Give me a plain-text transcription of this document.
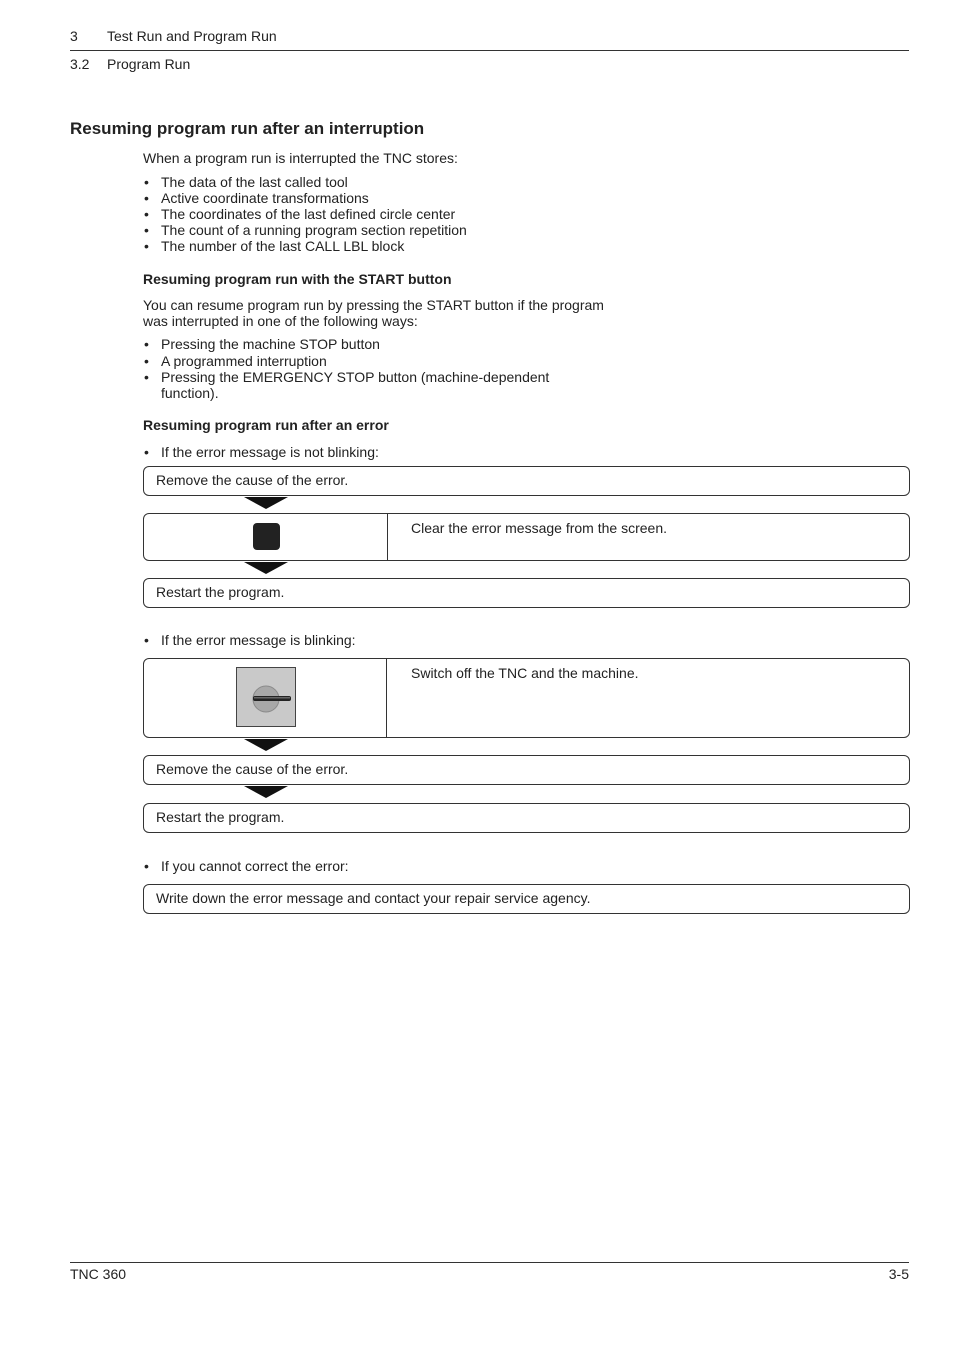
3 Test Run and Program Run
3.2 Program Run
Resuming program run after an interruption
When a program run is interrupted the TNC stores:
• The data of the last called tool
• Active coordinate transformations
• The coordinates of the last defined circle center
• The count of a running program section repetition
• The number of the last CALL LBL block
Resuming program run with the START button
You can resume program run by pressing the START button if the program
was interrupted in one of the following ways:
• Pressing the machine STOP button
• A programmed interruption
• Pressing the EMERGENCY STOP button (machine-dependent
function).
Resuming program run after an error
• If the error message is not blinking:
Remove the cause of the error.
Clear the error message from the screen.
Restart the program.
• If the error message is blinking:
Switch off the TNC and the machine.
Remove the cause of the error.
Restart the program.
• If you cannot correct the error:
Write down the error message and contact your repair service agency.
TNC 360	3-5
